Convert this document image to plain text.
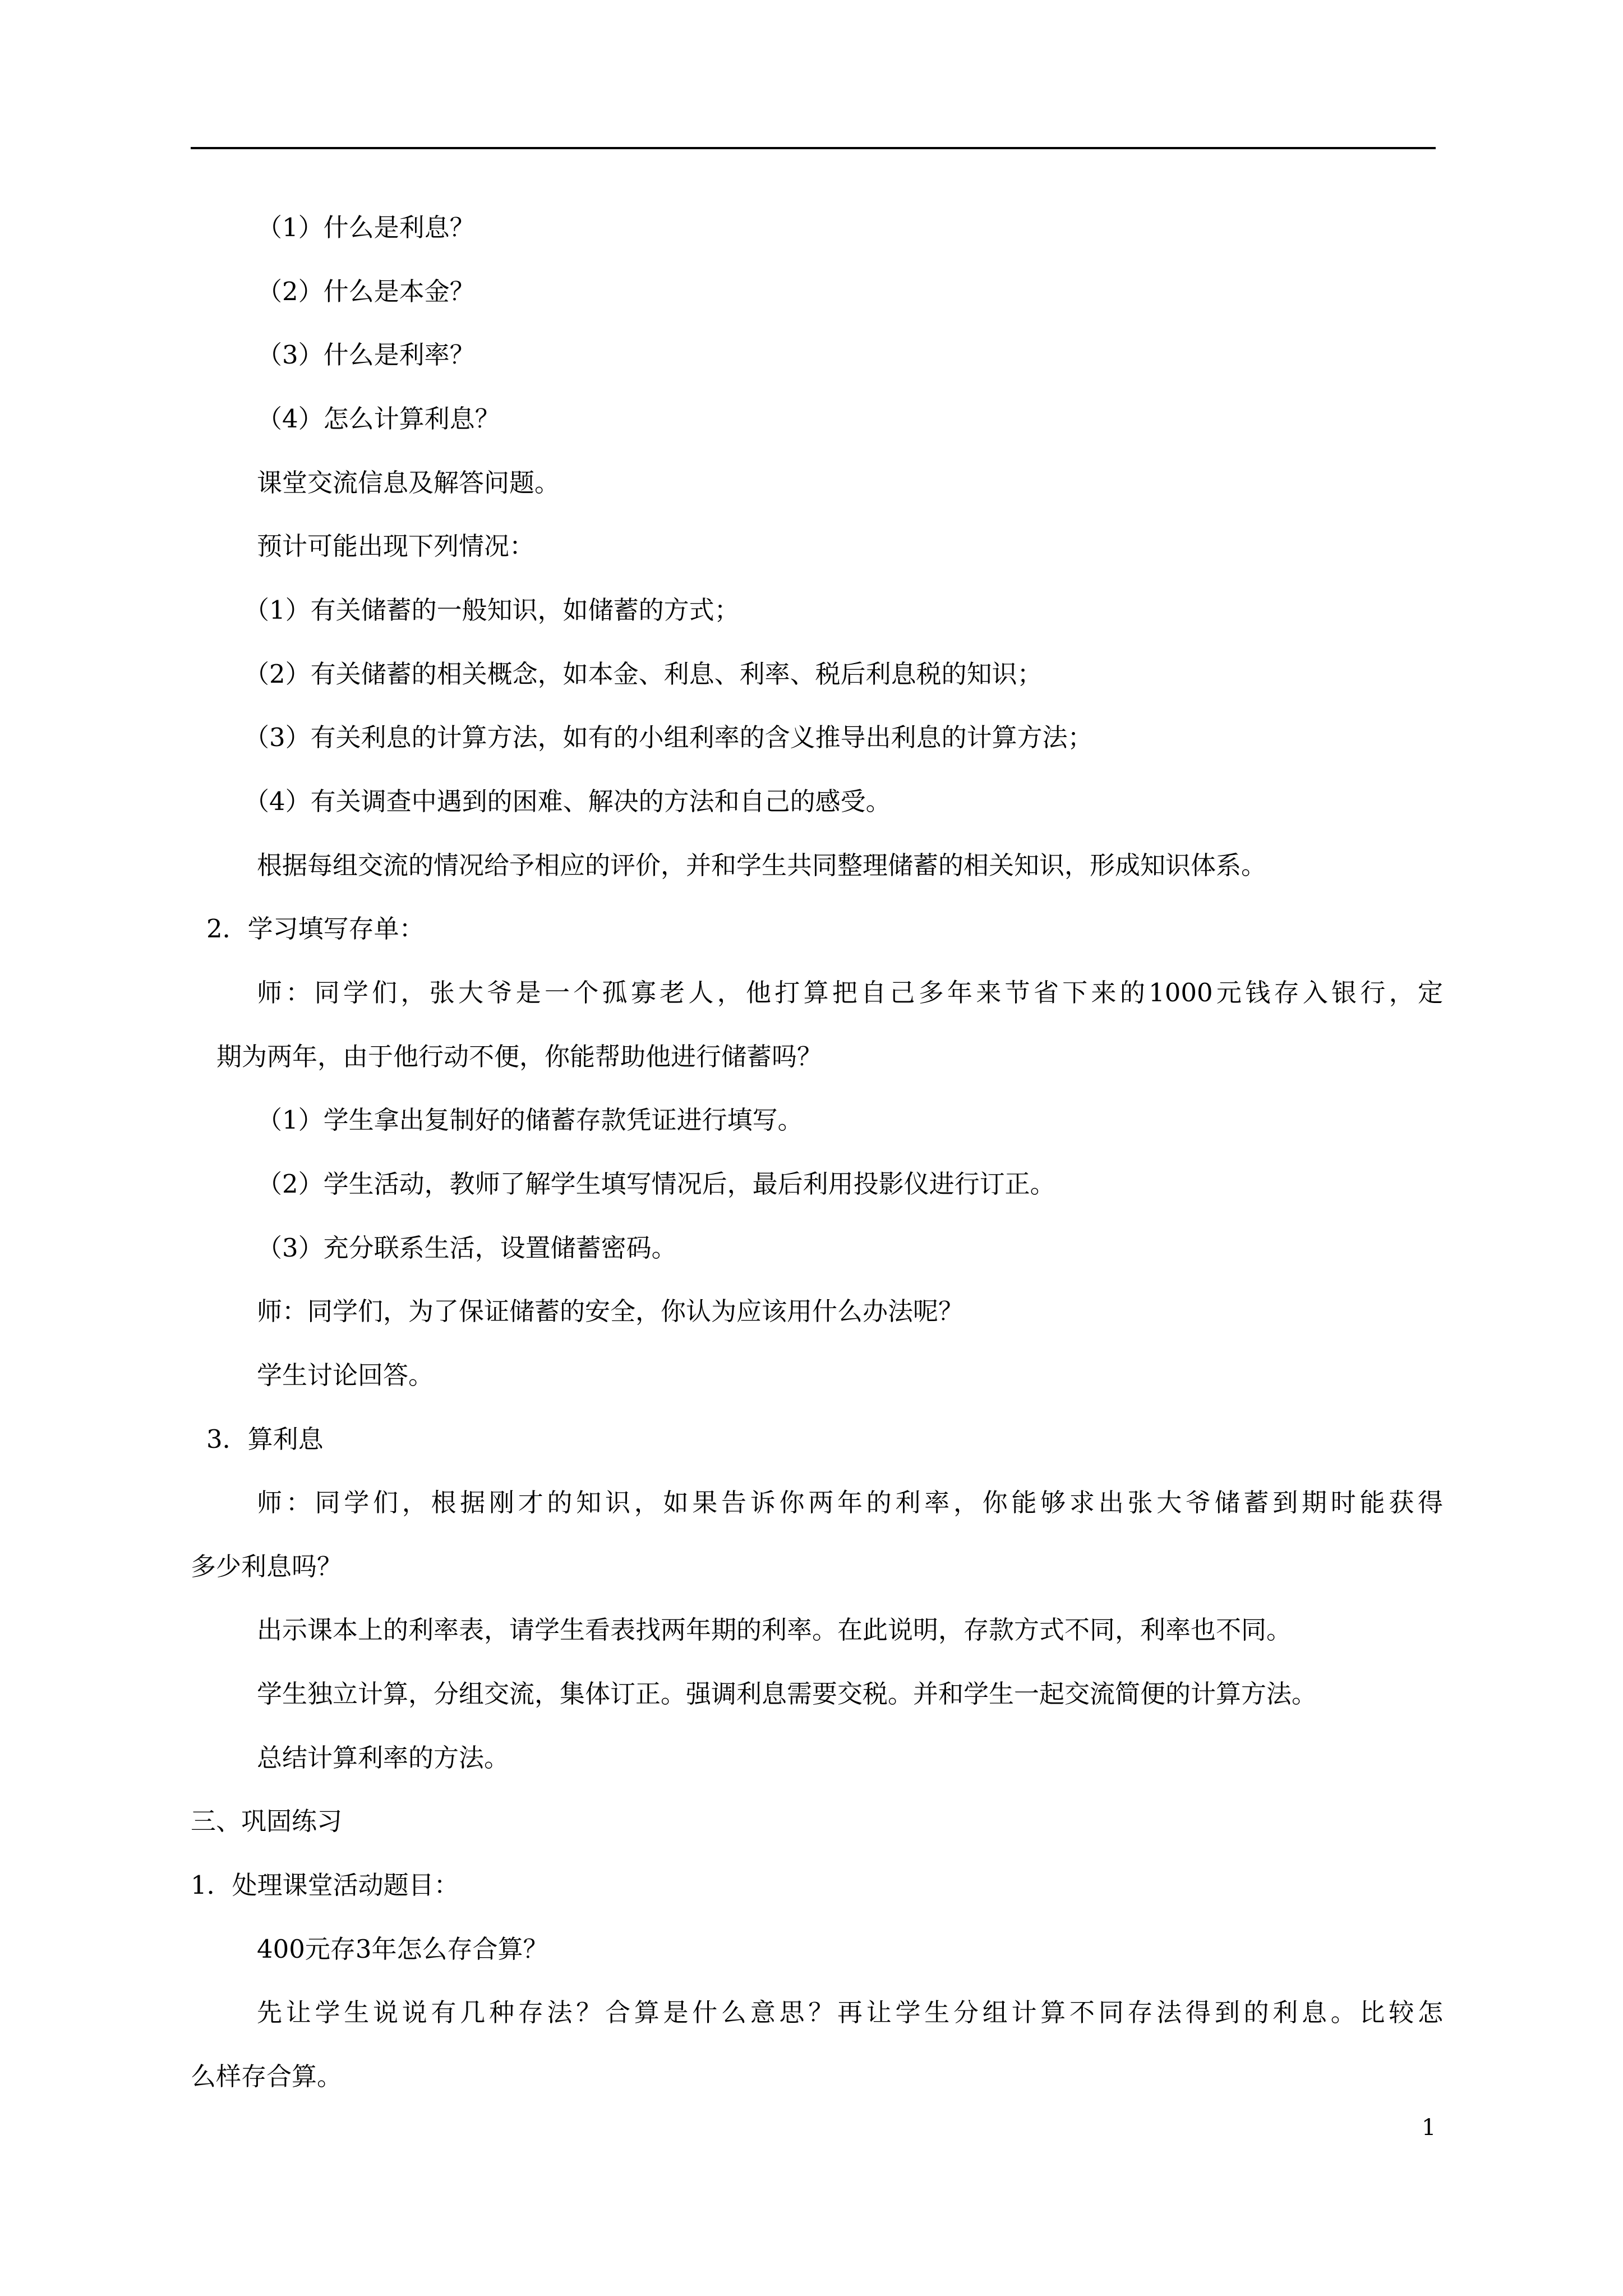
（1）什么是利息？
（2）什么是本金？
（3）什么是利率？
（4）怎么计算利息？
课堂交流信息及解答问题。
预计可能出现下列情况：
（1）有关储蓄的一般知识，如储蓄的方式；
（2）有关储蓄的相关概念，如本金、利息、利率、税后利息税的知识；
（3）有关利息的计算方法，如有的小组利率的含义推导出利息的计算方法；
（4）有关调查中遇到的困难、解决的方法和自己的感受。
根据每组交流的情况给予相应的评价，并和学生共同整理储蓄的相关知识，形成知识体系。
2．学习填写存单：
师：同学们，张大爷是一个孤寡老人，他打算把自己多年来节省下来的1000元钱存入银行，定
期为两年，由于他行动不便，你能帮助他进行储蓄吗？
（1）学生拿出复制好的储蓄存款凭证进行填写。
（2）学生活动，教师了解学生填写情况后，最后利用投影仪进行订正。
（3）充分联系生活，设置储蓄密码。
师：同学们，为了保证储蓄的安全，你认为应该用什么办法呢？
学生讨论回答。
3．算利息
师：同学们，根据刚才的知识，如果告诉你两年的利率，你能够求出张大爷储蓄到期时能获得
多少利息吗？
出示课本上的利率表，请学生看表找两年期的利率。在此说明，存款方式不同，利率也不同。
学生独立计算，分组交流，集体订正。强调利息需要交税。并和学生一起交流简便的计算方法。
总结计算利率的方法。
三、巩固练习
1．处理课堂活动题目：
400元存3年怎么存合算？
先让学生说说有几种存法？合算是什么意思？再让学生分组计算不同存法得到的利息。比较怎
么样存合算。
1
